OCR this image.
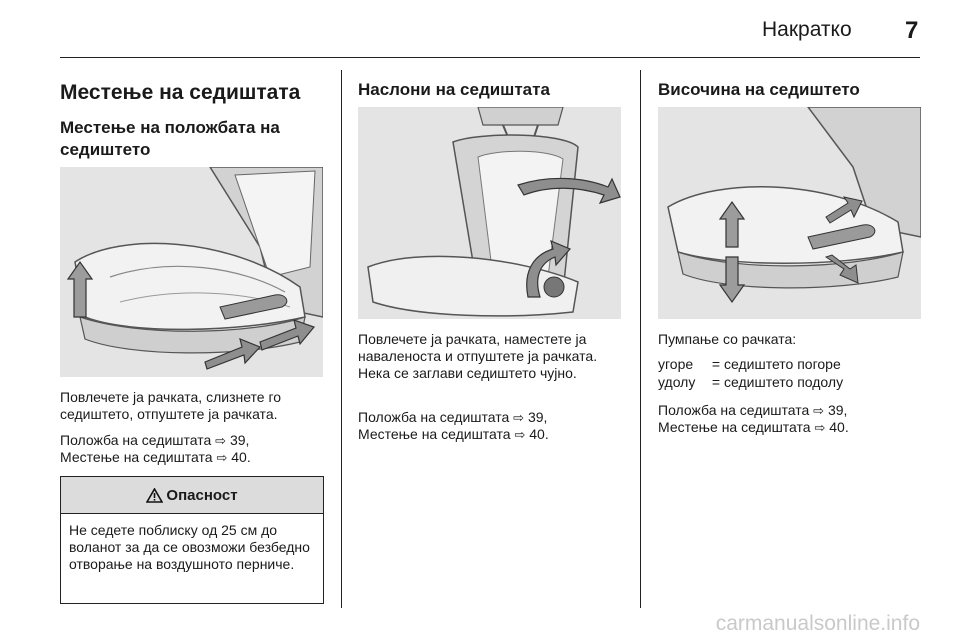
Накратко 7
Местење на седиштата
Местење на положбата на седиштето

Повлечете ја рачката, слизнете го седиштето, отпуштете ја рачката.

Положба на седиштата ⇨ 39,
Местење на седиштата ⇨ 40.

Опасност
Не седете поблиску од 25 см до воланот за да се овозможи безбедно отворање на воздушното перниче.
Наслони на седиштата

Повлечете ја рачката, наместете ја наваленоста и отпуштете ја рачката. Нека се заглави седиштето чујно.

Положба на седиштата ⇨ 39,
Местење на седиштата ⇨ 40.

Височина на седиштето

Пумпање со рачката:

угоре	=	седиштето погоре
удолу	=	седиштето подолу

Положба на седиштата ⇨ 39,
Местење на седиштата ⇨ 40.

carmanualsonline.info
